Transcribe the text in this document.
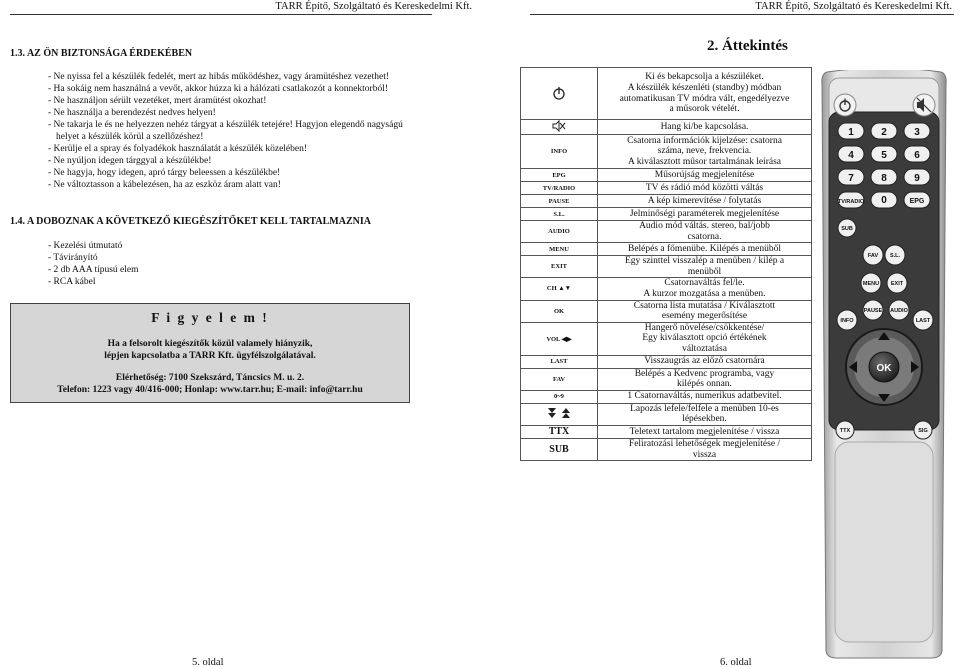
TARR Építő, Szolgáltató és Kereskedelmi Kft.
1.3. AZ ÖN BIZTONSÁGA ÉRDEKÉBEN
- Ne nyissa fel a készülék fedelét, mert az hibás működéshez, vagy áramütéshez vezethet!
- Ha sokáig nem használná a vevőt, akkor húzza ki a hálózati csatlakozót a konnektorból!
- Ne használjon sérült vezetéket, mert áramütést okozhat!
- Ne használja a berendezést nedves helyen!
- Ne takarja le és ne helyezzen nehéz tárgyat a készülék tetejére! Hagyjon elegendő nagyságú helyet a készülék körül a szellőzéshez!
- Kerülje el a spray és folyadékok használatát a készülék közelében!
- Ne nyúljon idegen tárggyal a készülékbe!
- Ne hagyja, hogy idegen, apró tárgy beleessen a készülékbe!
- Ne változtasson a kábelezésen, ha az eszköz áram alatt van!
1.4. A DOBOZNAK A KÖVETKEZŐ KIEGÉSZÍTŐKET KELL TARTALMAZNIA
- Kezelési útmutató
- Távirányító
- 2 db AAA típusú elem
- RCA kábel
F i g y e l e m !
Ha a felsorolt kiegészítők közül valamely hiányzik,
lépjen kapcsolatba a TARR Kft. ügyfélszolgálatával.
Elérhetőség: 7100 Szekszárd, Táncsics M. u. 2.
Telefon: 1223 vagy 40/416-000; Honlap: www.tarr.hu; E-mail: info@tarr.hu
5. oldal
TARR Építő, Szolgáltató és Kereskedelmi Kft.
2. Áttekintés

Ki és bekapcsolja a készüléket.
A készülék készenléti (standby) módban
automatikusan TV módra vált, engedélyezve
a műsorok vételét.

Hang ki/be kapcsolása.

INFO	Csatorna információk kijelzése: csatorna
száma, neve, frekvencia.
A kiválasztott műsor tartalmának leírása

EPG	Műsorújság megjelenítése

TV/RADIO	TV és rádió mód közötti váltás

PAUSE	A kép kimerevítése / folytatás

S.L.	Jelminőségi paraméterek megjelenítése

AUDIO	Audio mód váltás. stereo, bal/jobb
csatorna.

MENU	Belépés a főmenübe. Kilépés a menüből

EXIT	Egy szinttel visszalép a menüben / kilép a
menüből

CH ▲▼	Csatornaváltás fel/le.
A kurzor mozgatása a menüben.

OK	Csatorna lista mutatása / Kiválasztott
esemény megerősítése

VOL ◀▶	Hangerő növelése/csökkentése/
Egy kiválasztott opció értékének
változtatása

LAST	Visszaugrás az előző csatornára

FAV	Belépés a Kedvenc programba, vagy
kilépés onnan.

0~9	1 Csatornaváltás, numerikus adatbevitel.

Lapozás lefele/felfele a menüben 10-es
lépésekben.

TTX	Teletext tartalom megjelenítése / vissza

SUB	Feliratozási lehetőségek megjelenítése /
vissza
1	2	3
4	5	6
7	8	9
TV/RADIO 0	EPG
SUB
FAV S.L.
MENU EXIT
INFO
PAUSE AUDIO
LAST
TTX	SIG
OK
6. oldal
